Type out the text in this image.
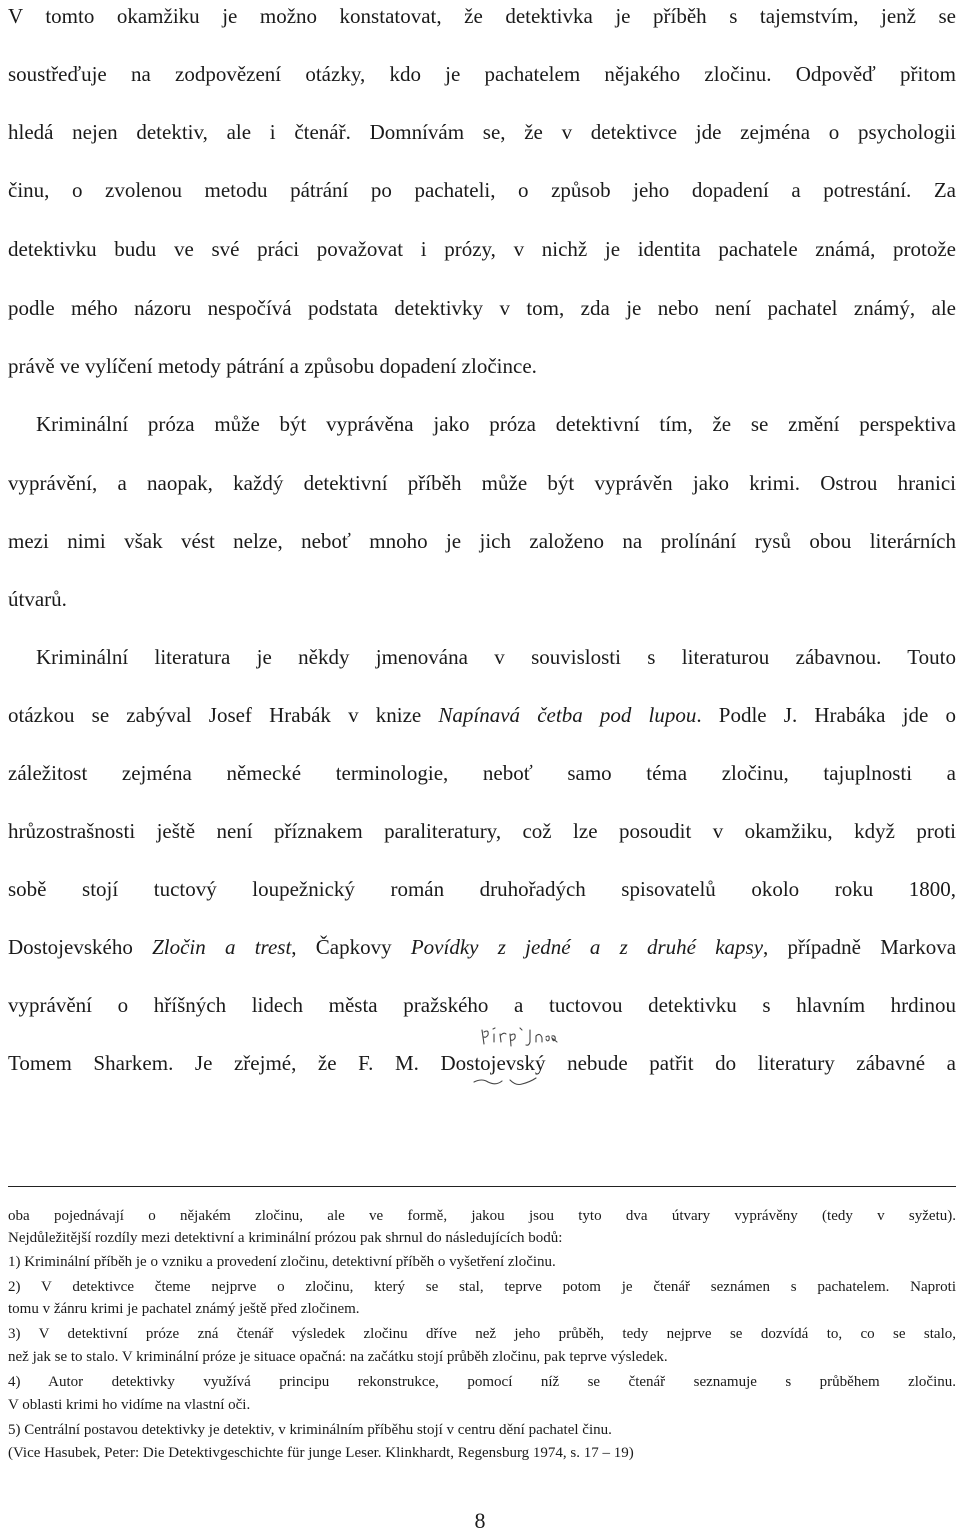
V tomto okamžiku je možno konstatovat, že detektivka je příběh s tajemstvím, jenž se
soustřeďuje na zodpovězení otázky, kdo je pachatelem nějakého zločinu. Odpověď přitom
hledá nejen detektiv, ale i čtenář. Domnívám se, že v detektivce jde zejména o psychologii
činu, o zvolenou metodu pátrání po pachateli, o způsob jeho dopadení a potrestání. Za
detektivku budu ve své práci považovat i prózy, v nichž je identita pachatele známá, protože
podle mého názoru nespočívá podstata detektivky v tom, zda je nebo není pachatel známý, ale
právě ve vylíčení metody pátrání a způsobu dopadení zločince.
Kriminální próza může být vyprávěna jako próza detektivní tím, že se změní perspektiva
vyprávění, a naopak, každý detektivní příběh může být vyprávěn jako krimi. Ostrou hranici
mezi nimi však vést nelze, neboť mnoho je jich založeno na prolínání rysů obou literárních
útvarů.
Kriminální literatura je někdy jmenována v souvislosti s literaturou zábavnou. Touto
otázkou se zabýval Josef Hrabák v knize Napínavá četba pod lupou. Podle J. Hrabáka jde o
záležitost zejména německé terminologie, neboť samo téma zločinu, tajuplnosti a
hrůzostrašnosti ještě není příznakem paraliteratury, což lze posoudit v okamžiku, když proti
sobě stojí tuctový loupežnický román druhořadých spisovatelů okolo roku 1800,
Dostojevského Zločin a trest, Čapkovy Povídky z jedné a z druhé kapsy, případně Markova
vyprávění o hříšných lidech města pražského a tuctovou detektivku s hlavním hrdinou
Tomem Sharkem. Je zřejmé, že F. M. Dostojevský nebude patřit do literatury zábavné a
oba pojednávají o nějakém zločinu, ale ve formě, jakou jsou tyto dva útvary vyprávěny (tedy v syžetu).
Nejdůležitější rozdíly mezi detektivní a kriminální prózou pak shrnul do následujících bodů:
1) Kriminální příběh je o vzniku a provedení zločinu, detektivní příběh o vyšetření zločinu.
2) V detektivce čteme nejprve o zločinu, který se stal, teprve potom je čtenář seznámen s pachatelem. Naproti
tomu v žánru krimi je pachatel známý ještě před zločinem.
3) V detektivní próze zná čtenář výsledek zločinu dříve než jeho průběh, tedy nejprve se dozvídá to, co se stalo,
než jak se to stalo. V kriminální próze je situace opačná: na začátku stojí průběh zločinu, pak teprve výsledek.
4) Autor detektivky využívá principu rekonstrukce, pomocí níž se čtenář seznamuje s průběhem zločinu.
V oblasti krimi ho vidíme na vlastní oči.
5) Centrální postavou detektivky je detektiv, v kriminálním příběhu stojí v centru dění pachatel činu.
(Vice Hasubek, Peter: Die Detektivgeschichte für junge Leser. Klinkhardt, Regensburg 1974, s. 17 – 19)
8
